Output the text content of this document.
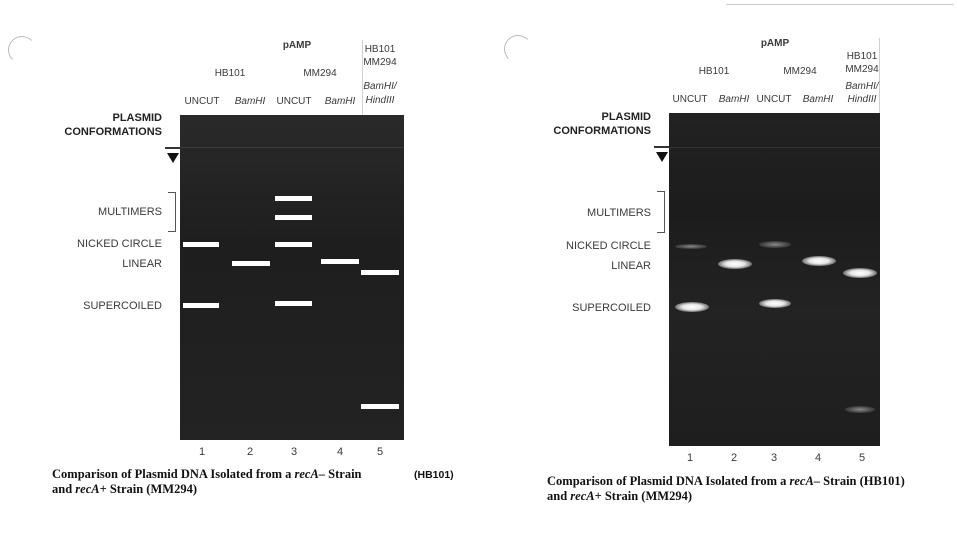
pAMP
HB101	MM294
HB101
MM294
UNCUT BamHI UNCUT BamHI
BamHI/
HindIII
PLASMID
CONFORMATIONS
MULTIMERS
NICKED CIRCLE
LINEAR
SUPERCOILED
1	2	3	4	5
Comparison of Plasmid DNA Isolated from a recA– Strain	(HB101)
and recA+ Strain (MM294)
pAMP
HB101	MM294
HB101
MM294
UNCUT BamHI UNCUT BamHI
BamHI/
HindIII
PLASMID
CONFORMATIONS
MULTIMERS
NICKED CIRCLE
LINEAR
SUPERCOILED
1	2	3	4	5
Comparison of Plasmid DNA Isolated from a recA– Strain (HB101)
and recA+ Strain (MM294)
